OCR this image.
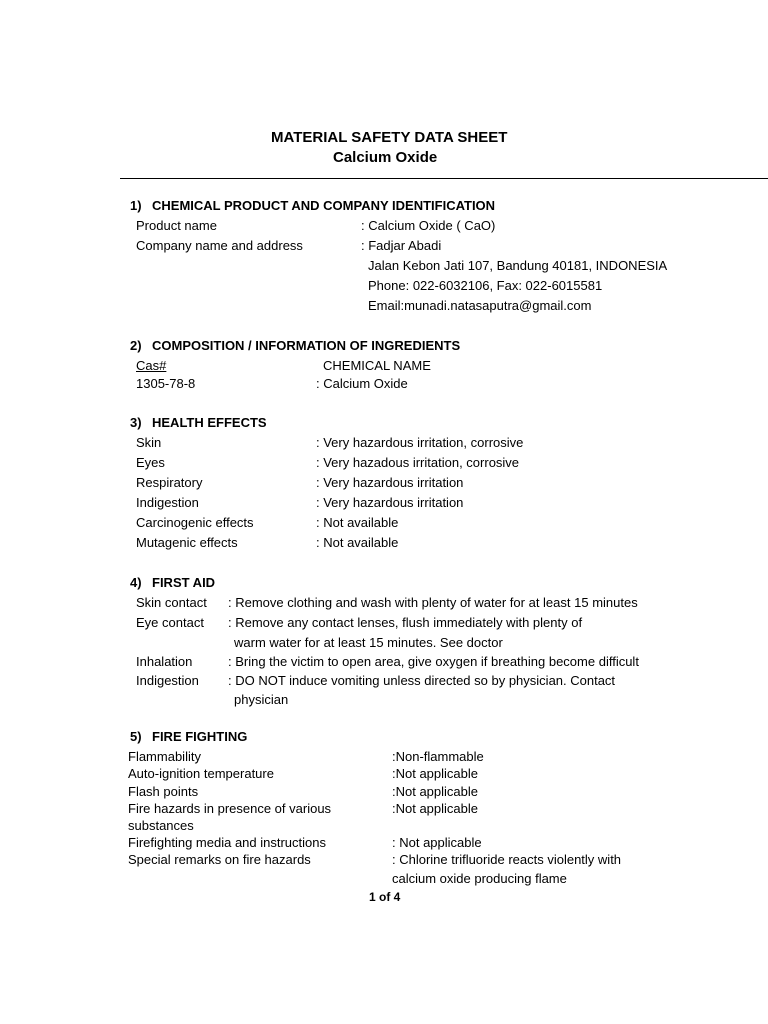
MATERIAL SAFETY DATA SHEET
Calcium Oxide
1) CHEMICAL PRODUCT AND COMPANY IDENTIFICATION
Product name	: Calcium Oxide ( CaO)
Company name and address	: Fadjar Abadi
Jalan Kebon Jati 107, Bandung 40181, INDONESIA
Phone: 022-6032106, Fax: 022-6015581
Email:munadi.natasaputra@gmail.com
2) COMPOSITION / INFORMATION OF INGREDIENTS
Cas#	CHEMICAL NAME
1305-78-8	: Calcium Oxide
3) HEALTH EFFECTS
Skin	: Very hazardous irritation, corrosive
Eyes	: Very hazadous irritation, corrosive
Respiratory	: Very hazardous irritation
Indigestion	: Very hazardous irritation
Carcinogenic effects	: Not available
Mutagenic effects	: Not available
4) FIRST AID
Skin contact : Remove clothing and wash with plenty of water for at least 15 minutes
Eye contact : Remove any contact lenses, flush immediately with plenty of
warm water for at least 15 minutes. See doctor
Inhalation	: Bring the victim to open area, give oxygen if breathing become difficult
Indigestion : DO NOT induce vomiting unless directed so by physician. Contact
physician
5) FIRE FIGHTING
Flammability	:Non-flammable
Auto-ignition temperature	:Not applicable
Flash points	:Not applicable
Fire hazards in presence of various	:Not applicable
substances
Firefighting media and instructions	: Not applicable
Special remarks on fire hazards	: Chlorine trifluoride reacts violently with
calcium oxide producing flame
1 of 4
